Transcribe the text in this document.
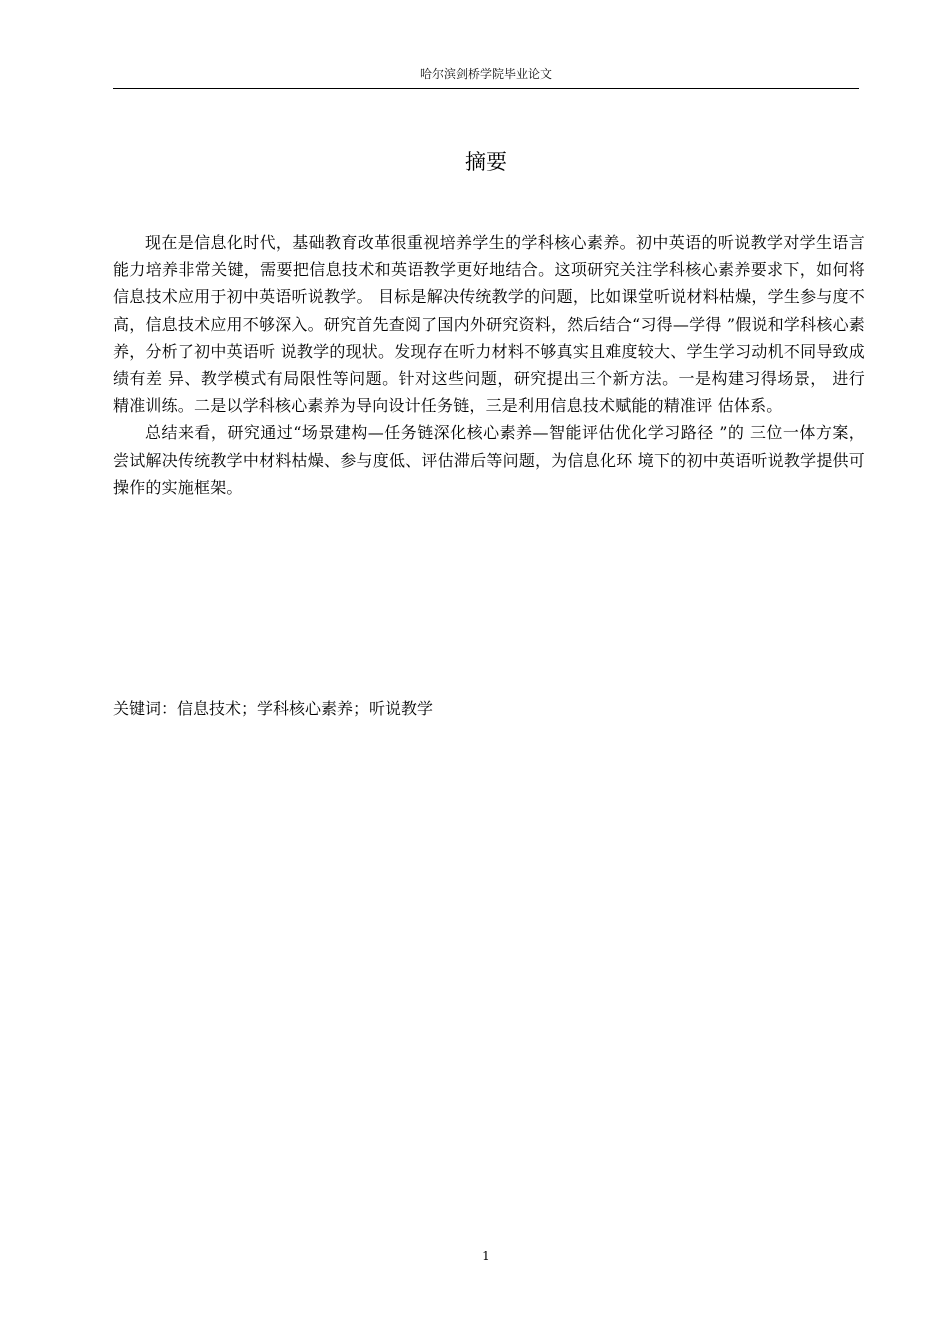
哈尔滨剑桥学院毕业论文
摘要

现在是信息化时代，基础教育改革很重视培养学生的学科核心素养。初中英语的听说教学对学生语言能力培养非常关键，需要把信息技术和英语教学更好地结合。这项研究关注学科核心素养要求下，如何将信息技术应用于初中英语听说教学。 目标是解决传统教学的问题，比如课堂听说材料枯燥，学生参与度不高，信息技术应用不够深入。研究首先查阅了国内外研究资料，然后结合“习得—学得 ”假说和学科核心素养，分析了初中英语听 说教学的现状。发现存在听力材料不够真实且难度较大、学生学习动机不同导致成绩有差 异、教学模式有局限性等问题。针对这些问题，研究提出三个新方法。一是构建习得场景， 进行精准训练。二是以学科核心素养为导向设计任务链，三是利用信息技术赋能的精准评 估体系。

总结来看，研究通过“场景建构—任务链深化核心素养—智能评估优化学习路径 ”的 三位一体方案，尝试解决传统教学中材料枯燥、参与度低、评估滞后等问题，为信息化环 境下的初中英语听说教学提供可操作的实施框架。

关键词：信息技术；学科核心素养；听说教学
1
